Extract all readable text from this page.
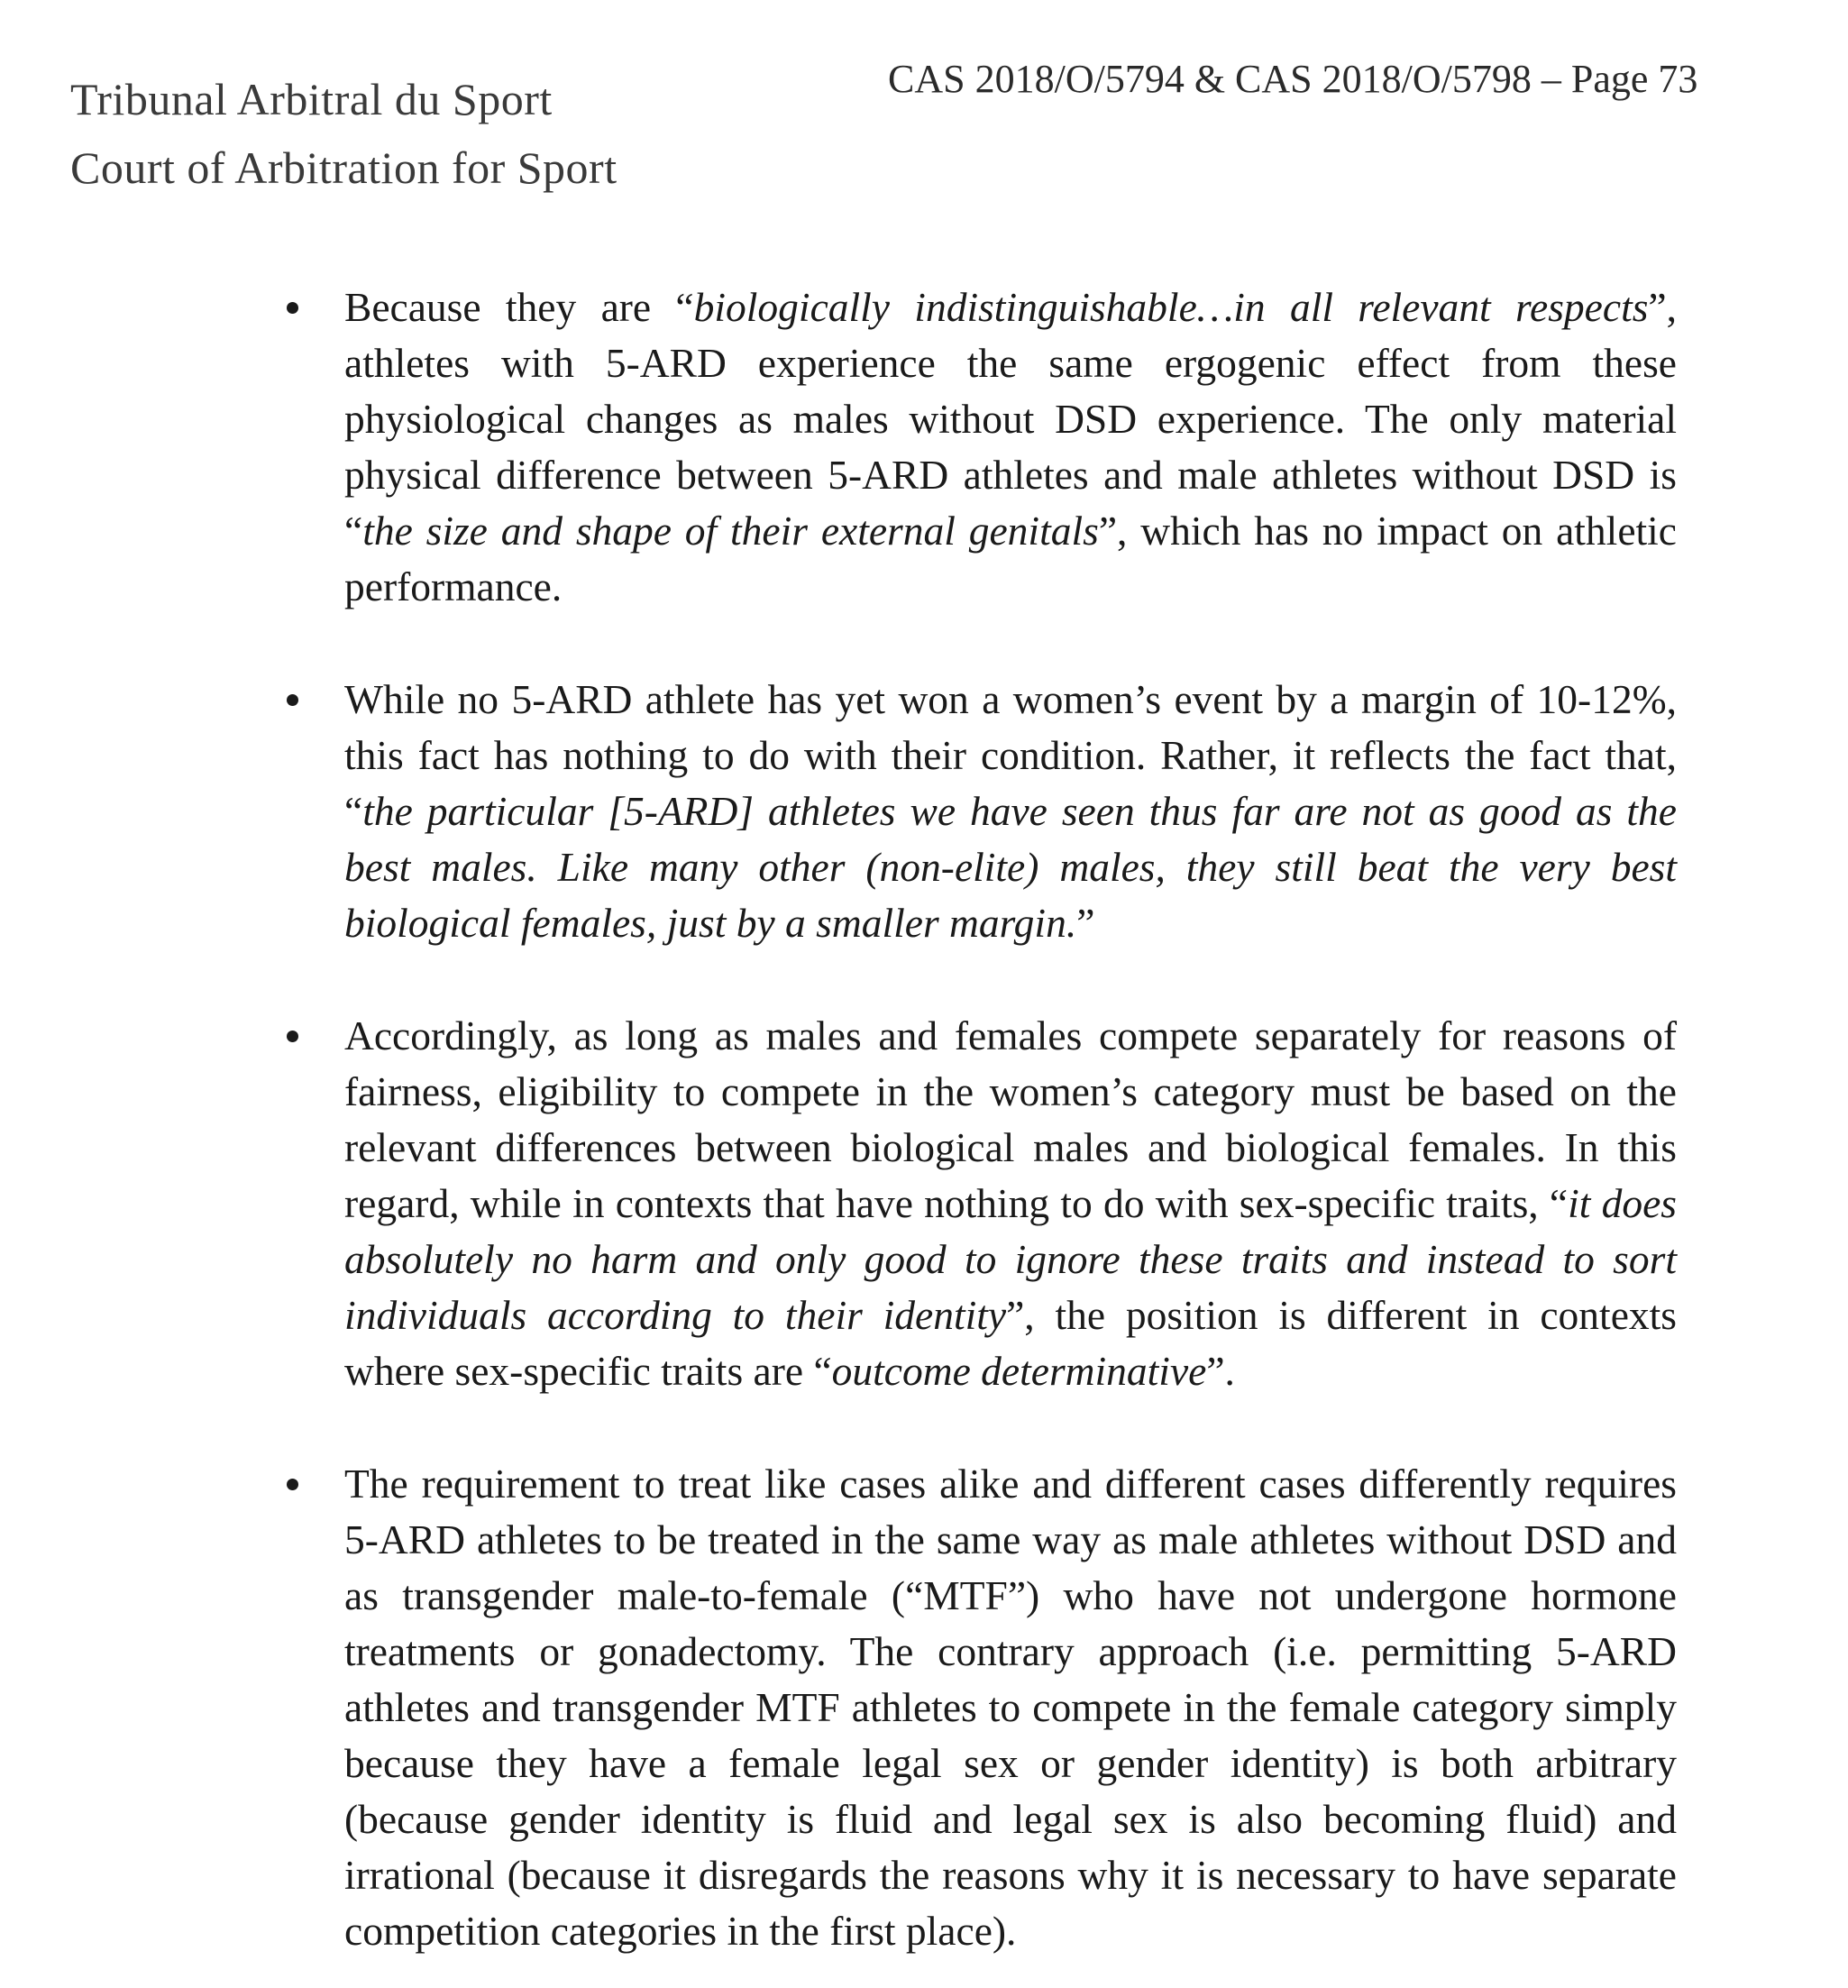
Tribunal Arbitral du Sport
Court of Arbitration for Sport
CAS 2018/O/5794 & CAS 2018/O/5798 – Page 73
Because they are “biologically indistinguishable…in all relevant respects”, athletes with 5-ARD experience the same ergogenic effect from these physiological changes as males without DSD experience. The only material physical difference between 5-ARD athletes and male athletes without DSD is “the size and shape of their external genitals”, which has no impact on athletic performance.
While no 5-ARD athlete has yet won a women’s event by a margin of 10-12%, this fact has nothing to do with their condition. Rather, it reflects the fact that, “the particular [5-ARD] athletes we have seen thus far are not as good as the best males. Like many other (non-elite) males, they still beat the very best biological females, just by a smaller margin.”
Accordingly, as long as males and females compete separately for reasons of fairness, eligibility to compete in the women’s category must be based on the relevant differences between biological males and biological females. In this regard, while in contexts that have nothing to do with sex-specific traits, “it does absolutely no harm and only good to ignore these traits and instead to sort individuals according to their identity”, the position is different in contexts where sex-specific traits are “outcome determinative”.
The requirement to treat like cases alike and different cases differently requires 5-ARD athletes to be treated in the same way as male athletes without DSD and as transgender male-to-female (“MTF”) who have not undergone hormone treatments or gonadectomy. The contrary approach (i.e. permitting 5-ARD athletes and transgender MTF athletes to compete in the female category simply because they have a female legal sex or gender identity) is both arbitrary (because gender identity is fluid and legal sex is also becoming fluid) and irrational (because it disregards the reasons why it is necessary to have separate competition categories in the first place).
